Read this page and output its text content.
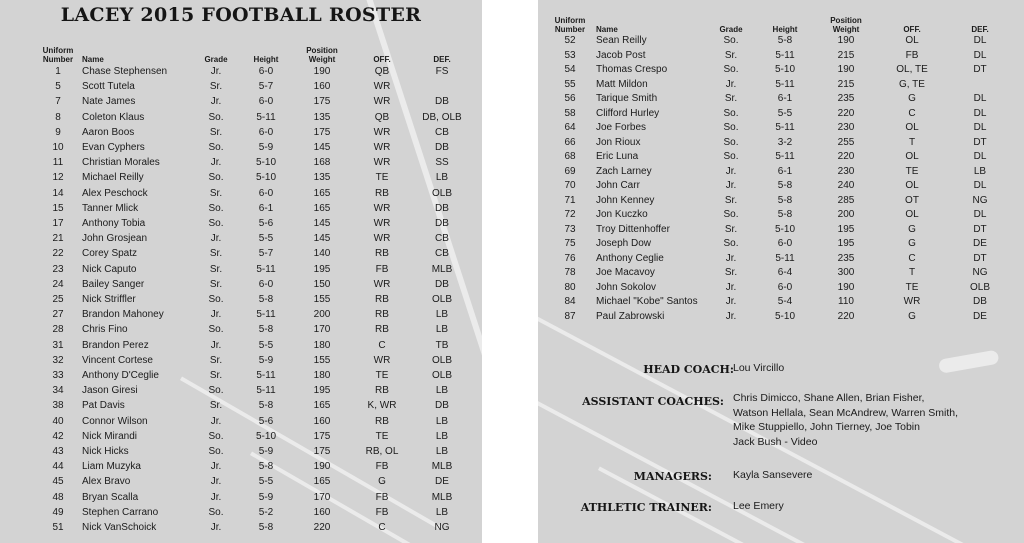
LACEY 2015 FOOTBALL ROSTER
Uniform
Number	Name	Grade	Height	Position
Weight	OFF.	DEF.
1	Chase Stephensen	Jr.	6-0	190	QB	FS
5	Scott Tutela	Sr.	5-7	160	WR	
7	Nate James	Jr.	6-0	175	WR	DB
8	Coleton Klaus	So.	5-11	135	QB	DB, OLB
9	Aaron Boos	Sr.	6-0	175	WR	CB
10	Evan Cyphers	So.	5-9	145	WR	DB
11	Christian Morales	Jr.	5-10	168	WR	SS
12	Michael Reilly	So.	5-10	135	TE	LB
14	Alex Peschock	Sr.	6-0	165	RB	OLB
15	Tanner Mlick	So.	6-1	165	WR	DB
17	Anthony Tobia	So.	5-6	145	WR	DB
21	John Grosjean	Jr.	5-5	145	WR	CB
22	Corey Spatz	Sr.	5-7	140	RB	CB
23	Nick Caputo	Sr.	5-11	195	FB	MLB
24	Bailey Sanger	Sr.	6-0	150	WR	DB
25	Nick Striffler	So.	5-8	155	RB	OLB
27	Brandon Mahoney	Jr.	5-11	200	RB	LB
28	Chris Fino	So.	5-8	170	RB	LB
31	Brandon Perez	Jr.	5-5	180	C	TB
32	Vincent Cortese	Sr.	5-9	155	WR	OLB
33	Anthony D'Ceglie	Sr.	5-11	180	TE	OLB
34	Jason Giresi	So.	5-11	195	RB	LB
38	Pat Davis	Sr.	5-8	165	K, WR	DB
40	Connor Wilson	Jr.	5-6	160	RB	LB
42	Nick Mirandi	So.	5-10	175	TE	LB
43	Nick Hicks	So.	5-9	175	RB, OL	LB
44	Liam Muzyka	Jr.	5-8	190	FB	MLB
45	Alex Bravo	Jr.	5-5	165	G	DE
48	Bryan Scalla	Jr.	5-9	170	FB	MLB
49	Stephen Carrano	So.	5-2	160	FB	LB
51	Nick VanSchoick	Jr.	5-8	220	C	NG
Uniform
Number	Name	Grade	Height	Position
Weight	OFF.	DEF.
52	Sean Reilly	So.	5-8	190	OL	DL
53	Jacob Post	Sr.	5-11	215	FB	DL
54	Thomas Crespo	So.	5-10	190	OL, TE	DT
55	Matt Mildon	Jr.	5-11	215	G, TE	
56	Tarique Smith	Sr.	6-1	235	G	DL
58	Clifford Hurley	So.	5-5	220	C	DL
64	Joe Forbes	So.	5-11	230	OL	DL
66	Jon Rioux	So.	3-2	255	T	DT
68	Eric Luna	So.	5-11	220	OL	DL
69	Zach Larney	Jr.	6-1	230	TE	LB
70	John Carr	Jr.	5-8	240	OL	DL
71	John Kenney	Sr.	5-8	285	OT	NG
72	Jon Kuczko	So.	5-8	200	OL	DL
73	Troy Dittenhoffer	Sr.	5-10	195	G	DT
75	Joseph Dow	So.	6-0	195	G	DE
76	Anthony Ceglie	Jr.	5-11	235	C	DT
78	Joe Macavoy	Sr.	6-4	300	T	NG
80	John Sokolov	Jr.	6-0	190	TE	OLB
84	Michael "Kobe" Santos	Jr.	5-4	110	WR	DB
87	Paul Zabrowski	Jr.	5-10	220	G	DE
HEAD COACH: Lou Vircillo
ASSISTANT COACHES: Chris Dimicco, Shane Allen, Brian Fisher,
Watson Hellala, Sean McAndrew, Warren Smith,
Mike Stuppiello, John Tierney, Joe Tobin
Jack Bush - Video
MANAGERS: Kayla Sansevere
ATHLETIC TRAINER: Lee Emery
